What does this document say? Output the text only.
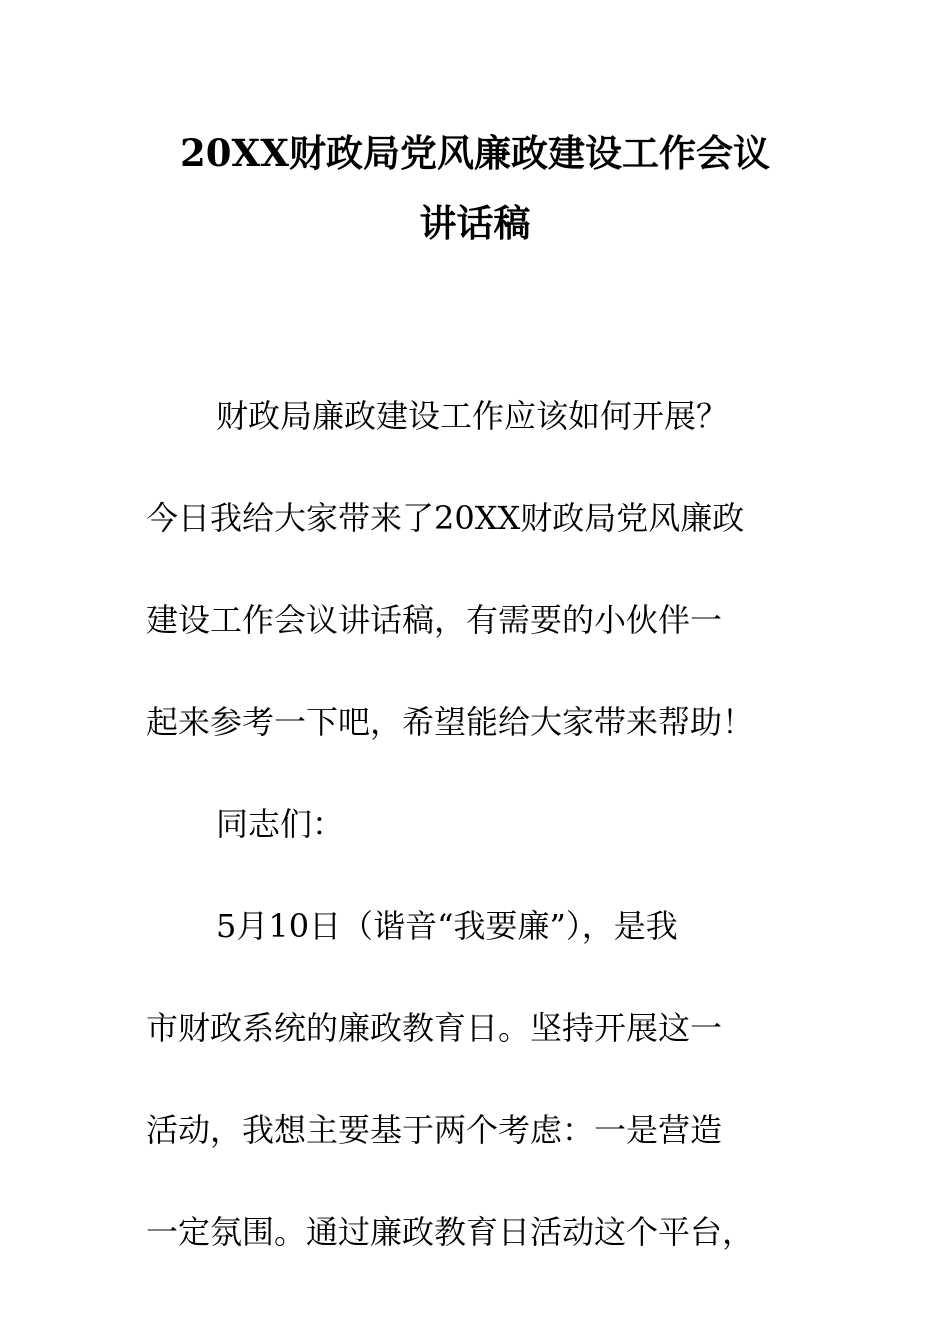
20XX财政局党风廉政建设工作会议
讲话稿
财政局廉政建设工作应该如何开展？
今日我给大家带来了20XX财政局党风廉政
建设工作会议讲话稿，有需要的小伙伴一
起来参考一下吧，希望能给大家带来帮助！
同志们：
5月10日（谐音“我要廉”），是我
市财政系统的廉政教育日。坚持开展这一
活动，我想主要基于两个考虑：一是营造
一定氛围。通过廉政教育日活动这个平台，
